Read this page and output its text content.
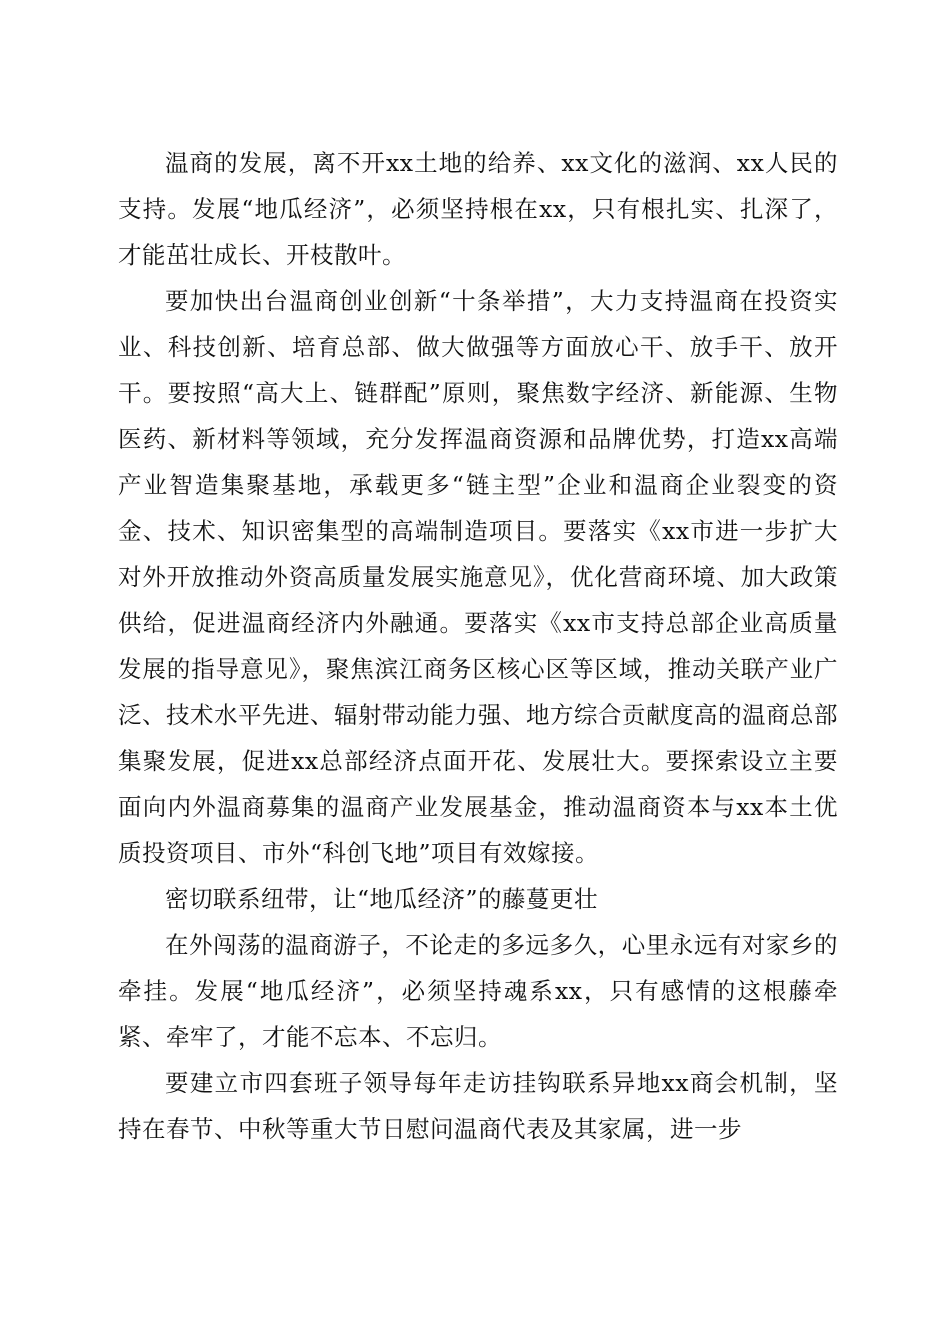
温商的发展，离不开xx土地的给养、xx文化的滋润、xx人民的支持。发展“地瓜经济”，必须坚持根在xx，只有根扎实、扎深了，才能茁壮成长、开枝散叶。

要加快出台温商创业创新“十条举措”，大力支持温商在投资实业、科技创新、培育总部、做大做强等方面放心干、放手干、放开干。要按照“高大上、链群配”原则，聚焦数字经济、新能源、生物医药、新材料等领域，充分发挥温商资源和品牌优势，打造xx高端产业智造集聚基地，承载更多“链主型”企业和温商企业裂变的资金、技术、知识密集型的高端制造项目。要落实《xx市进一步扩大对外开放推动外资高质量发展实施意见》，优化营商环境、加大政策供给，促进温商经济内外融通。要落实《xx市支持总部企业高质量发展的指导意见》，聚焦滨江商务区核心区等区域，推动关联产业广泛、技术水平先进、辐射带动能力强、地方综合贡献度高的温商总部集聚发展，促进xx总部经济点面开花、发展壮大。要探索设立主要面向内外温商募集的温商产业发展基金，推动温商资本与xx本土优质投资项目、市外“科创飞地”项目有效嫁接。

密切联系纽带，让“地瓜经济”的藤蔓更壮

在外闯荡的温商游子，不论走的多远多久，心里永远有对家乡的牵挂。发展“地瓜经济”，必须坚持魂系xx，只有感情的这根藤牵紧、牵牢了，才能不忘本、不忘归。

要建立市四套班子领导每年走访挂钩联系异地xx商会机制，坚持在春节、中秋等重大节日慰问温商代表及其家属，进一步
